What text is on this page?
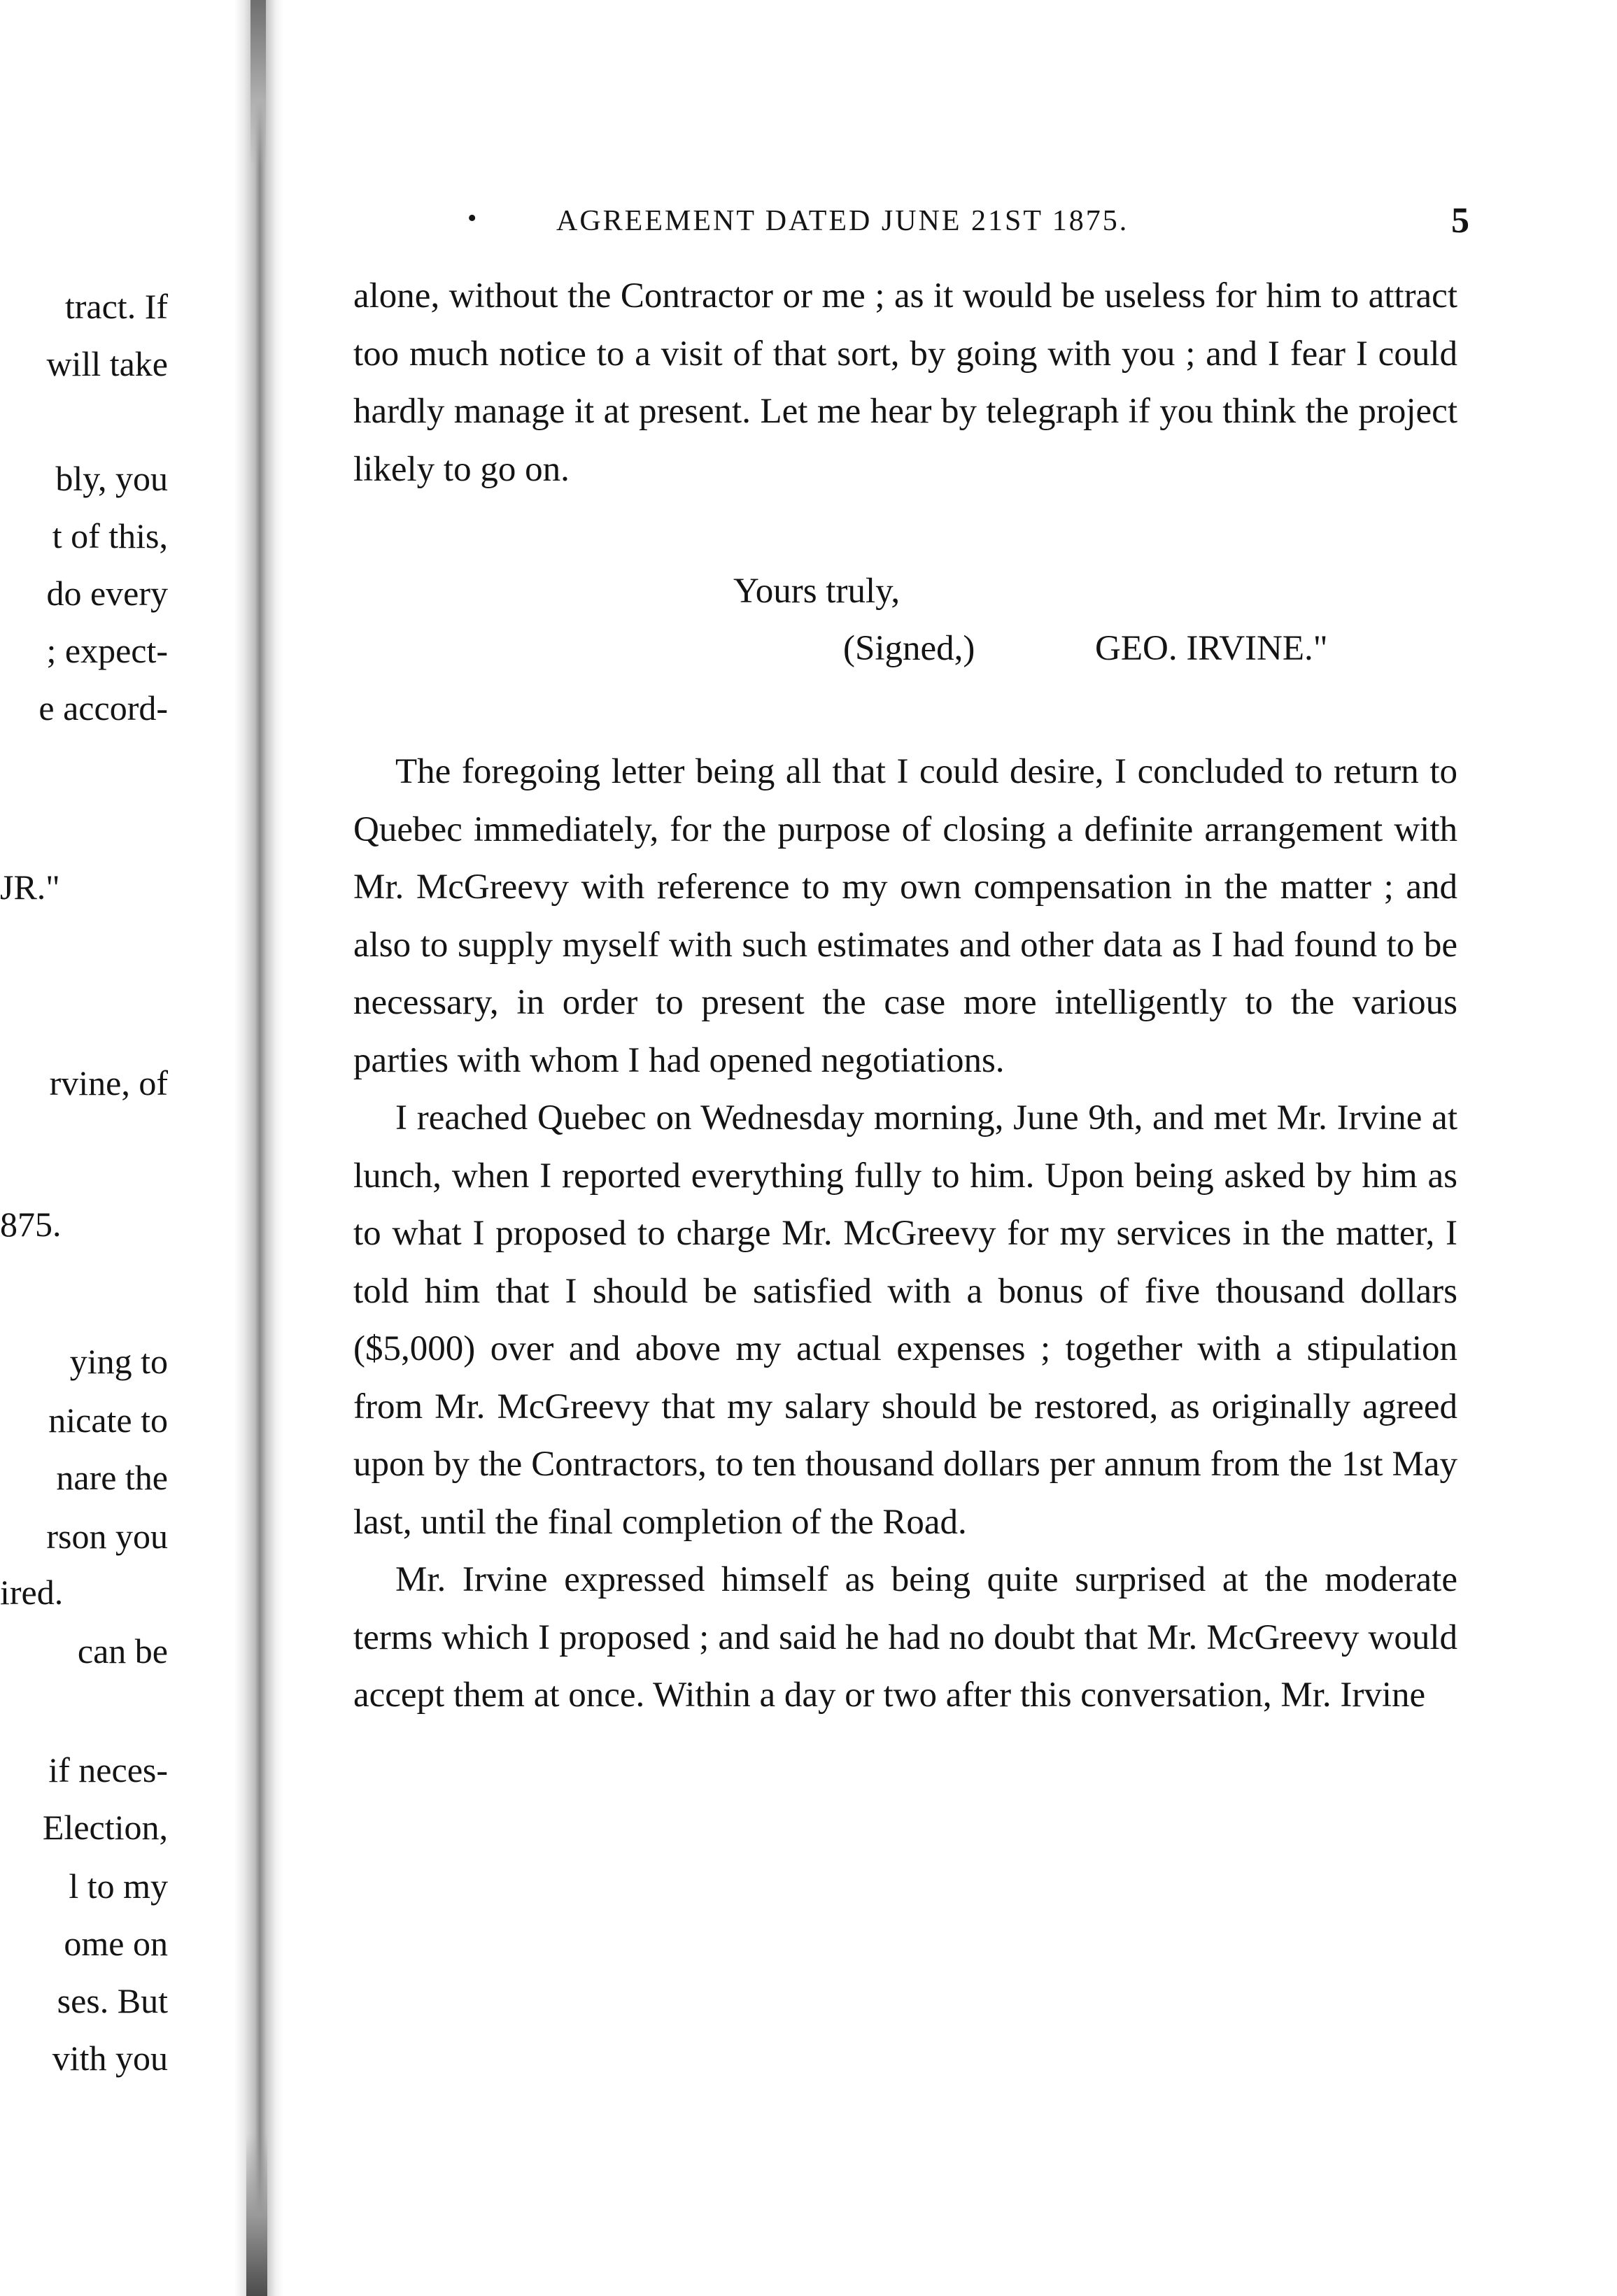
tract. If
will take
bly, you
t of this,
do every
; expect-
e accord-
JR."
rvine, of
875.
ying to
nicate to
nare the
rson you
ired.
can be
if neces-
Election,
l to my
ome on
ses. But
vith you
•	AGREEMENT DATED JUNE 21ST 1875.	5

alone, without the Contractor or me ; as it would be useless for him to attract too much notice to a visit of that sort, by going with you ; and I fear I could hardly manage it at present. Let me hear by telegraph if you think the project likely to go on.

Yours truly,
(Signed,)	GEO. IRVINE."

The foregoing letter being all that I could desire, I concluded to return to Quebec immediately, for the purpose of closing a definite arrangement with Mr. McGreevy with reference to my own compensation in the matter ; and also to supply myself with such estimates and other data as I had found to be necessary, in order to present the case more intelligently to the various parties with whom I had opened negotiations.

I reached Quebec on Wednesday morning, June 9th, and met Mr. Irvine at lunch, when I reported everything fully to him. Upon being asked by him as to what I proposed to charge Mr. McGreevy for my services in the matter, I told him that I should be satisfied with a bonus of five thousand dollars ($5,000) over and above my actual expenses ; together with a stipulation from Mr. McGreevy that my salary should be restored, as originally agreed upon by the Contractors, to ten thousand dollars per annum from the 1st May last, until the final completion of the Road.

Mr. Irvine expressed himself as being quite surprised at the moderate terms which I proposed ; and said he had no doubt that Mr. McGreevy would accept them at once. Within a day or two after this conversation, Mr. Irvine
